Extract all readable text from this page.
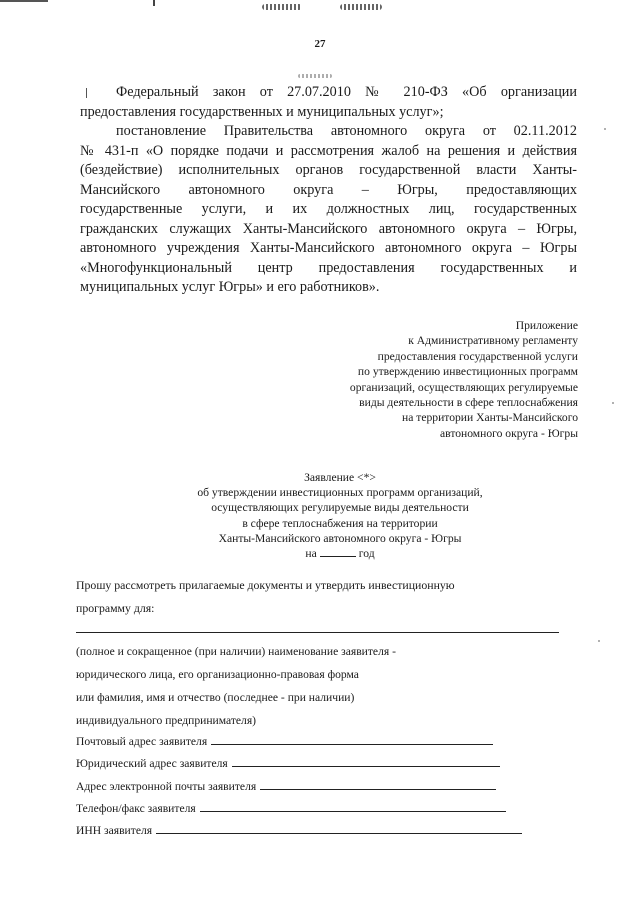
27
Федеральный закон от 27.07.2010 № 210-ФЗ «Об организации
предоставления государственных и муниципальных услуг»;
постановление Правительства автономного округа от 02.11.2012
№ 431-п «О порядке подачи и рассмотрения жалоб на решения и действия
(бездействие) исполнительных органов государственной власти Ханты-
Мансийского автономного округа – Югры, предоставляющих
государственные услуги, и их должностных лиц, государственных
гражданских служащих Ханты-Мансийского автономного округа – Югры,
автономного учреждения Ханты-Мансийского автономного округа – Югры
«Многофункциональный центр предоставления государственных и
муниципальных услуг Югры» и его работников».
Приложение
к Административному регламенту
предоставления государственной услуги
по утверждению инвестиционных программ
организаций, осуществляющих регулируемые
виды деятельности в сфере теплоснабжения
на территории Ханты-Мансийского
автономного округа - Югры
Заявление <*>
об утверждении инвестиционных программ организаций,
осуществляющих регулируемые виды деятельности
в сфере теплоснабжения на территории
Ханты-Мансийского автономного округа - Югры
на	год
Прошу рассмотреть прилагаемые документы и утвердить инвестиционную
программу для:
(полное и сокращенное (при наличии) наименование заявителя -
юридического лица, его организационно-правовая форма
или фамилия, имя и отчество (последнее - при наличии)
индивидуального предпринимателя)
Почтовый адрес заявителя
Юридический адрес заявителя
Адрес электронной почты заявителя
Телефон/факс заявителя
ИНН заявителя
